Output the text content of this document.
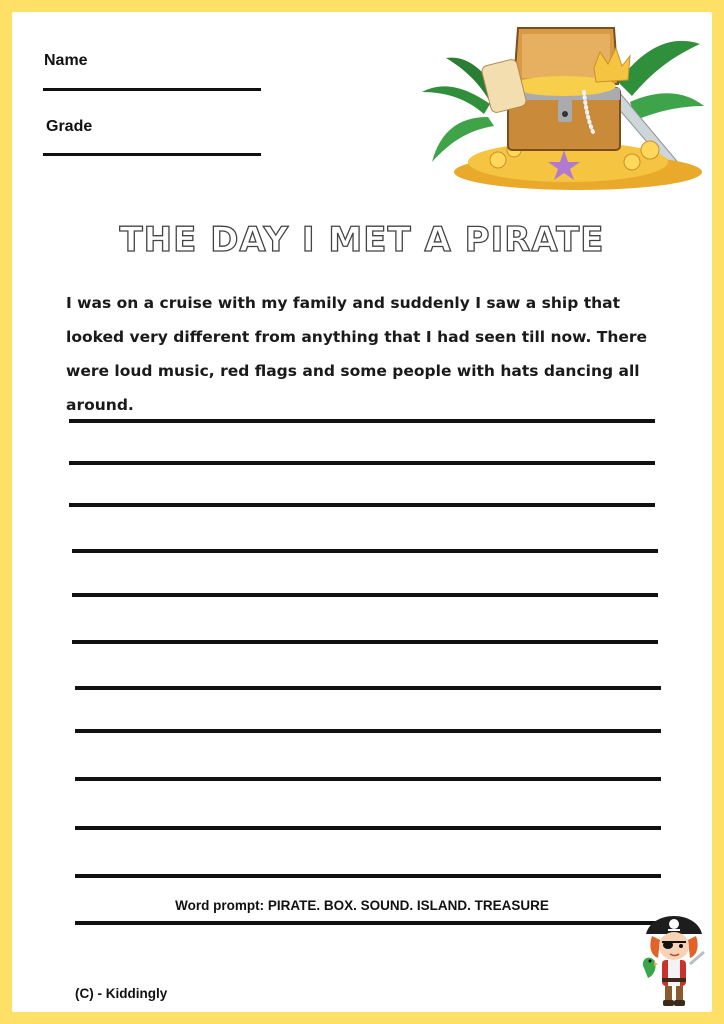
Name
Grade
THE DAY I MET A PIRATE
I was on a cruise with my family and suddenly I saw a ship that looked very different from anything that I had seen till now. There were loud music, red flags and some people with hats dancing all around.
Word prompt: PIRATE. BOX. SOUND. ISLAND. TREASURE
(C) - Kiddingly
